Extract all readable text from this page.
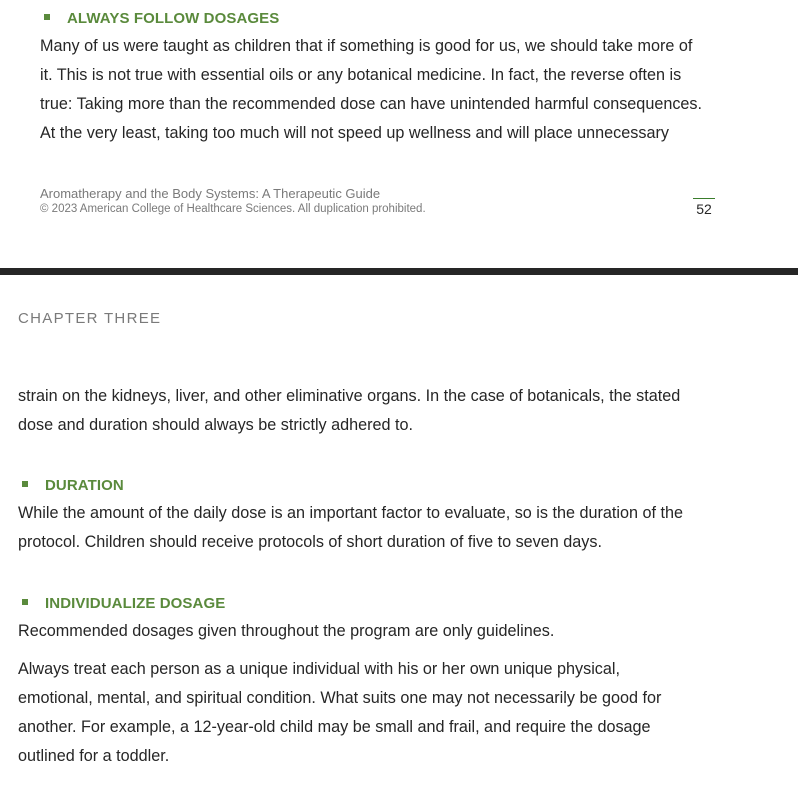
ALWAYS FOLLOW DOSAGES
Many of us were taught as children that if something is good for us, we should take more of
it. This is not true with essential oils or any botanical medicine. In fact, the reverse often is
true: Taking more than the recommended dose can have unintended harmful consequences.
At the very least, taking too much will not speed up wellness and will place unnecessary
Aromatherapy and the Body Systems: A Therapeutic Guide
© 2023 American College of Healthcare Sciences. All duplication prohibited.	52
CHAPTER THREE
strain on the kidneys, liver, and other eliminative organs. In the case of botanicals, the stated
dose and duration should always be strictly adhered to.
DURATION
While the amount of the daily dose is an important factor to evaluate, so is the duration of the
protocol. Children should receive protocols of short duration of five to seven days.
INDIVIDUALIZE DOSAGE
Recommended dosages given throughout the program are only guidelines.
Always treat each person as a unique individual with his or her own unique physical,
emotional, mental, and spiritual condition. What suits one may not necessarily be good for
another. For example, a 12-year-old child may be small and frail, and require the dosage
outlined for a toddler.
